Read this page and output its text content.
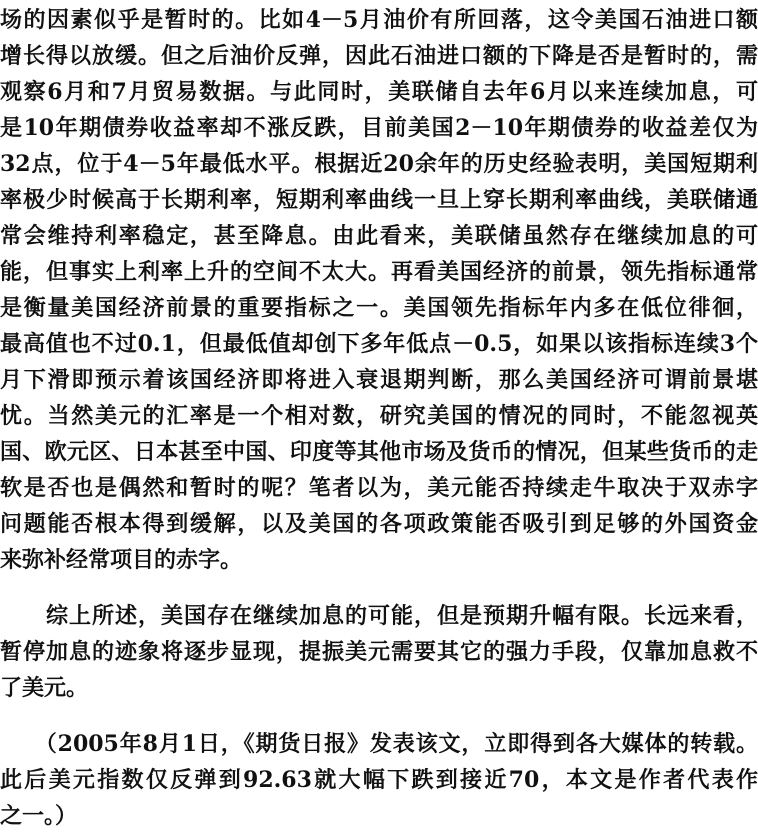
场的因素似乎是暂时的。比如4－5月油价有所回落，这令美国石油进口额
增长得以放缓。但之后油价反弹，因此石油进口额的下降是否是暂时的，需
观察6月和7月贸易数据。与此同时，美联储自去年6月以来连续加息，可
是10年期债券收益率却不涨反跌，目前美国2－10年期债券的收益差仅为
32点，位于4－5年最低水平。根据近20余年的历史经验表明，美国短期利
率极少时候高于长期利率，短期利率曲线一旦上穿长期利率曲线，美联储通
常会维持利率稳定，甚至降息。由此看来，美联储虽然存在继续加息的可
能，但事实上利率上升的空间不太大。再看美国经济的前景，领先指标通常
是衡量美国经济前景的重要指标之一。美国领先指标年内多在低位徘徊，
最高值也不过0.1，但最低值却创下多年低点－0.5，如果以该指标连续3个
月下滑即预示着该国经济即将进入衰退期判断，那么美国经济可谓前景堪
忧。当然美元的汇率是一个相对数，研究美国的情况的同时，不能忽视英
国、欧元区、日本甚至中国、印度等其他市场及货币的情况，但某些货币的走
软是否也是偶然和暂时的呢？笔者以为，美元能否持续走牛取决于双赤字
问题能否根本得到缓解，以及美国的各项政策能否吸引到足够的外国资金
来弥补经常项目的赤字。
　　综上所述，美国存在继续加息的可能，但是预期升幅有限。长远来看，
暂停加息的迹象将逐步显现，提振美元需要其它的强力手段，仅靠加息救不
了美元。
　　（2005年8月1日，《期货日报》发表该文，立即得到各大媒体的转载。
此后美元指数仅反弹到92.63就大幅下跌到接近70，本文是作者代表作
之一。）
